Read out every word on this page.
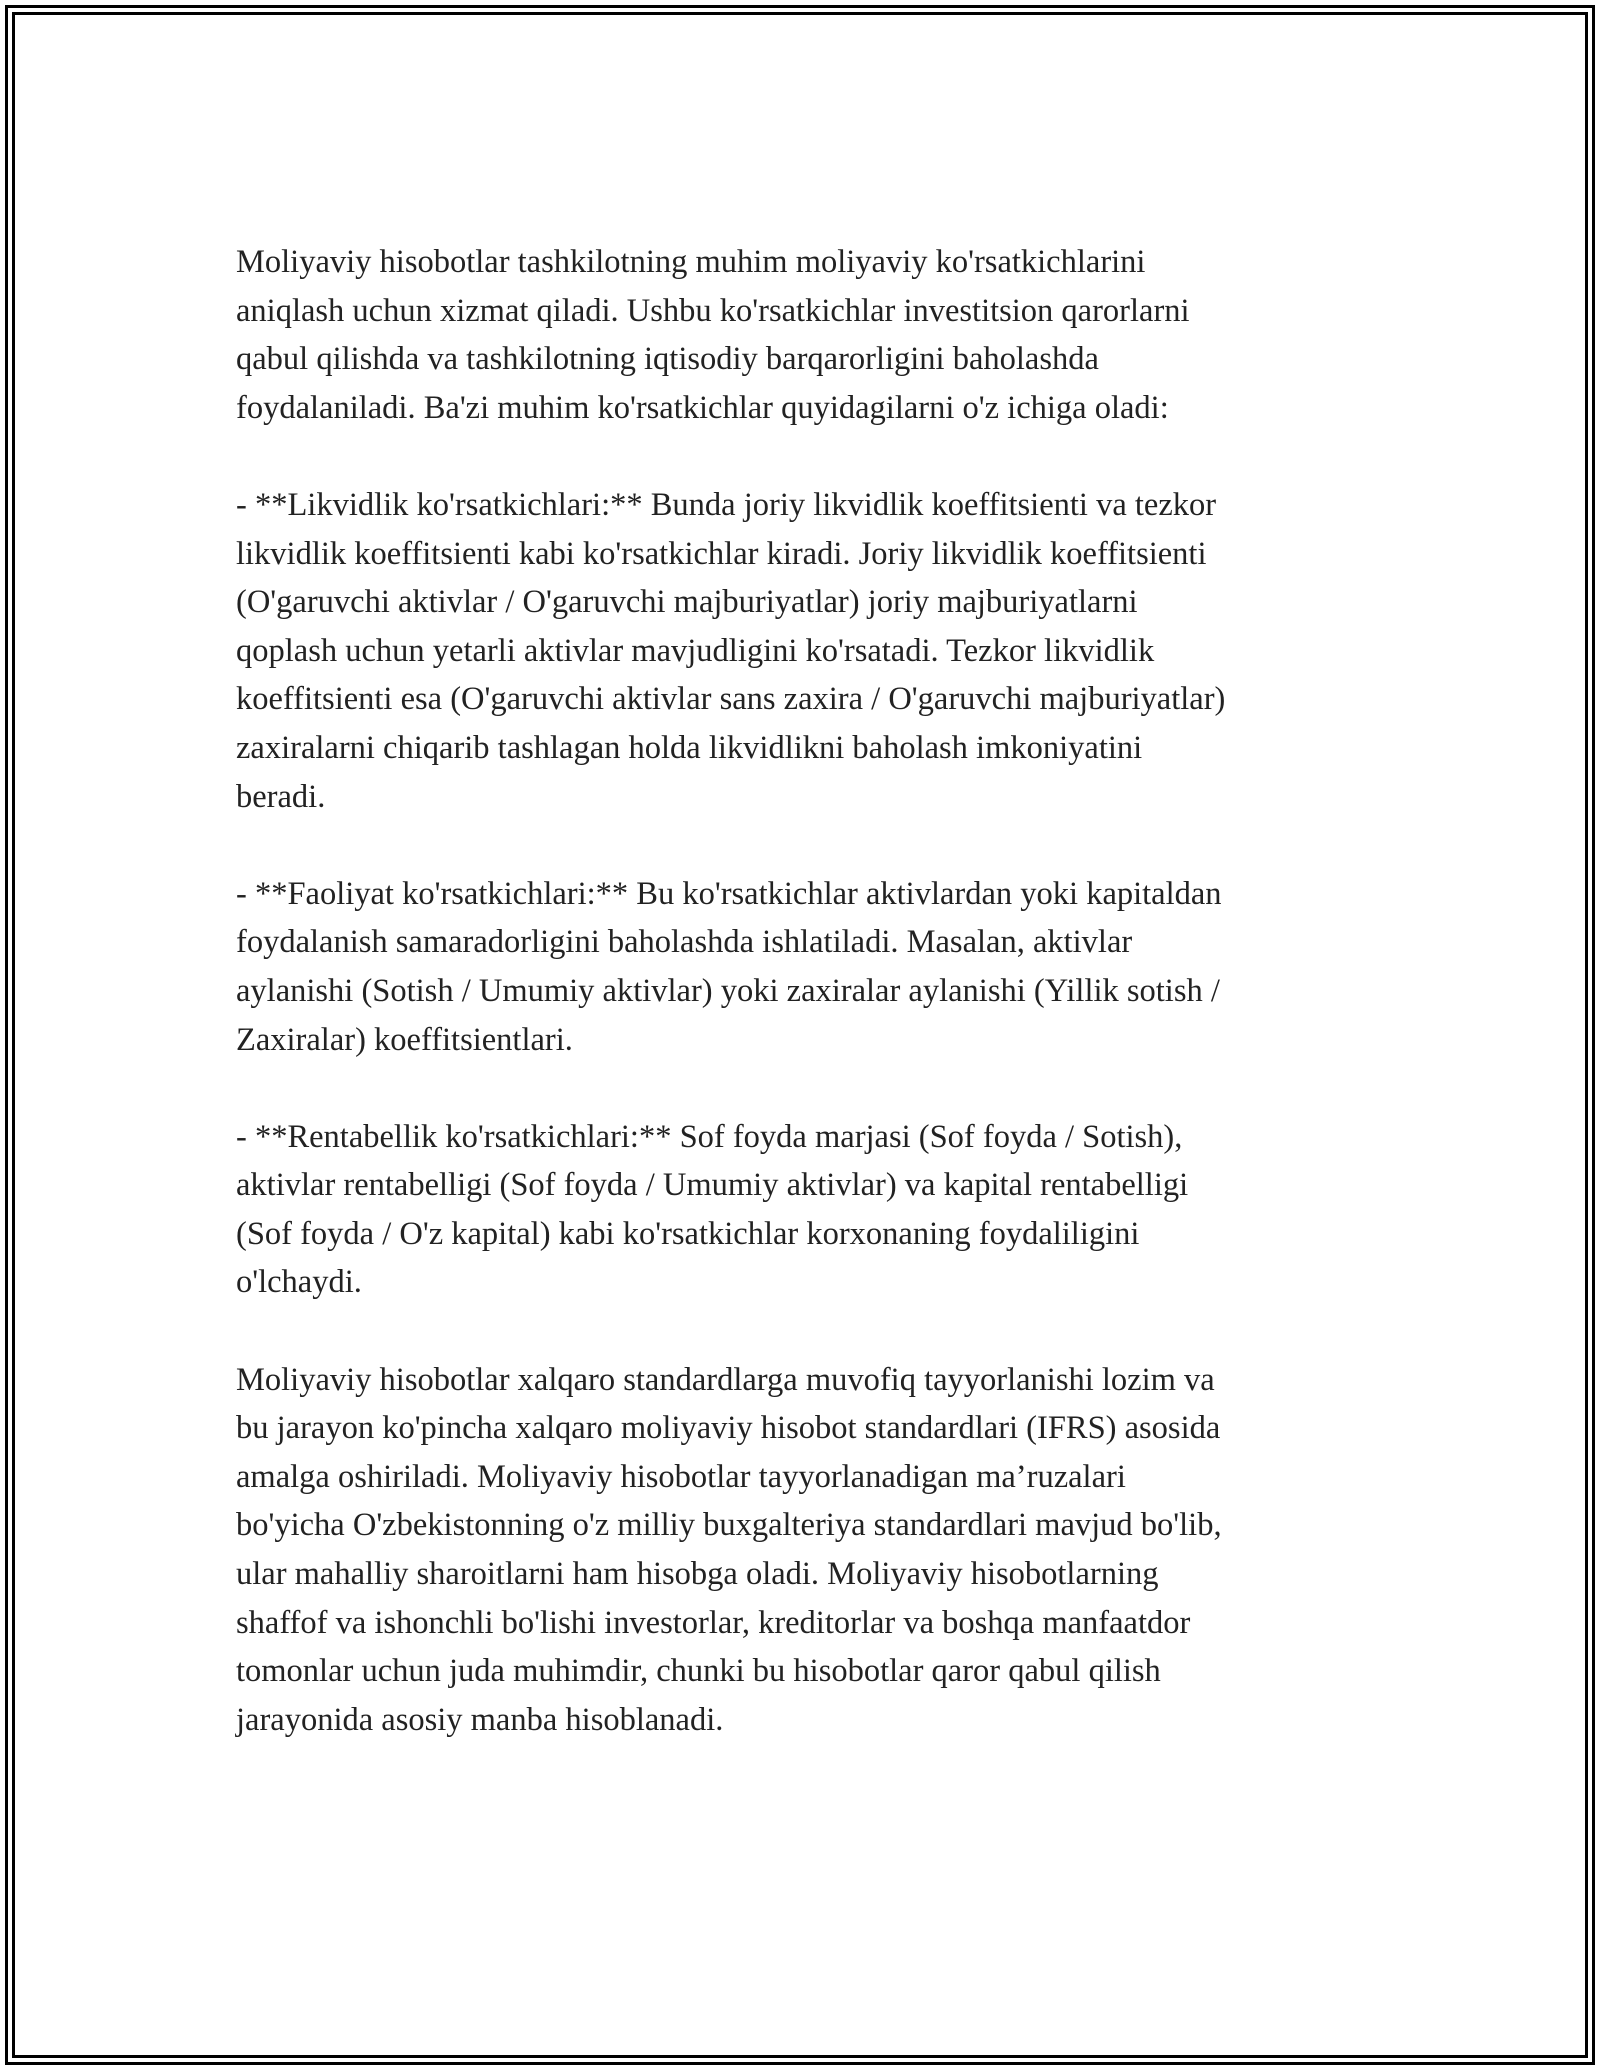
Moliyaviy hisobotlar tashkilotning muhim moliyaviy ko'rsatkichlarini
aniqlash uchun xizmat qiladi. Ushbu ko'rsatkichlar investitsion qarorlarni
qabul qilishda va tashkilotning iqtisodiy barqarorligini baholashda
foydalaniladi. Ba'zi muhim ko'rsatkichlar quyidagilarni o'z ichiga oladi:

- **Likvidlik ko'rsatkichlari:** Bunda joriy likvidlik koeffitsienti va tezkor
likvidlik koeffitsienti kabi ko'rsatkichlar kiradi. Joriy likvidlik koeffitsienti
(O'garuvchi aktivlar / O'garuvchi majburiyatlar) joriy majburiyatlarni
qoplash uchun yetarli aktivlar mavjudligini ko'rsatadi. Tezkor likvidlik
koeffitsienti esa (O'garuvchi aktivlar sans zaxira / O'garuvchi majburiyatlar)
zaxiralarni chiqarib tashlagan holda likvidlikni baholash imkoniyatini
beradi.

- **Faoliyat ko'rsatkichlari:** Bu ko'rsatkichlar aktivlardan yoki kapitaldan
foydalanish samaradorligini baholashda ishlatiladi. Masalan, aktivlar
aylanishi (Sotish / Umumiy aktivlar) yoki zaxiralar aylanishi (Yillik sotish /
Zaxiralar) koeffitsientlari.

- **Rentabellik ko'rsatkichlari:** Sof foyda marjasi (Sof foyda / Sotish),
aktivlar rentabelligi (Sof foyda / Umumiy aktivlar) va kapital rentabelligi
(Sof foyda / O'z kapital) kabi ko'rsatkichlar korxonaning foydaliligini
o'lchaydi.

Moliyaviy hisobotlar xalqaro standardlarga muvofiq tayyorlanishi lozim va
bu jarayon ko'pincha xalqaro moliyaviy hisobot standardlari (IFRS) asosida
amalga oshiriladi. Moliyaviy hisobotlar tayyorlanadigan ma’ruzalari
bo'yicha O'zbekistonning o'z milliy buxgalteriya standardlari mavjud bo'lib,
ular mahalliy sharoitlarni ham hisobga oladi. Moliyaviy hisobotlarning
shaffof va ishonchli bo'lishi investorlar, kreditorlar va boshqa manfaatdor
tomonlar uchun juda muhimdir, chunki bu hisobotlar qaror qabul qilish
jarayonida asosiy manba hisoblanadi.
